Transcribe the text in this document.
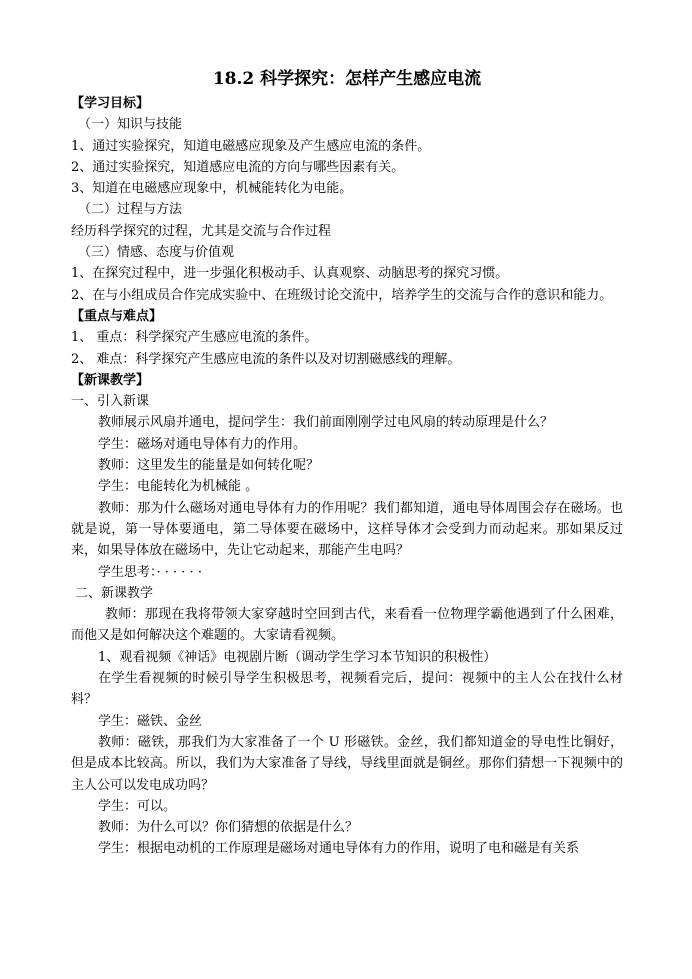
18.2 科学探究：怎样产生感应电流
【学习目标】
（一）知识与技能
1、通过实验探究，知道电磁感应现象及产生感应电流的条件。
2、通过实验探究，知道感应电流的方向与哪些因素有关。
3、知道在电磁感应现象中，机械能转化为电能。
（二）过程与方法
经历科学探究的过程，尤其是交流与合作过程
（三）情感、态度与价值观
1、在探究过程中，进一步强化积极动手、认真观察、动脑思考的探究习惯。
2、在与小组成员合作完成实验中、在班级讨论交流中，培养学生的交流与合作的意识和能力。
【重点与难点】
1、 重点：科学探究产生感应电流的条件。
2、 难点：科学探究产生感应电流的条件以及对切割磁感线的理解。
【新课教学】
一、引入新课
教师展示风扇并通电，提问学生：我们前面刚刚学过电风扇的转动原理是什么？
学生：磁场对通电导体有力的作用。
教师：这里发生的能量是如何转化呢？
学生：电能转化为机械能 。
教师：那为什么磁场对通电导体有力的作用呢？我们都知道，通电导体周围会存在磁场。也就是说，第一导体要通电，第二导体要在磁场中，这样导体才会受到力而动起来。那如果反过来，如果导体放在磁场中，先让它动起来，那能产生电吗？
学生思考：· · · · · ·
二、新课教学
教师：那现在我将带领大家穿越时空回到古代，来看看一位物理学霸他遇到了什么困难，而他又是如何解决这个难题的。大家请看视频。
1、观看视频《神话》电视剧片断（调动学生学习本节知识的积极性）
在学生看视频的时候引导学生积极思考，视频看完后，提问：视频中的主人公在找什么材料？
学生：磁铁、金丝
教师：磁铁，那我们为大家准备了一个 U 形磁铁。金丝，我们都知道金的导电性比铜好，但是成本比较高。所以，我们为大家准备了导线，导线里面就是铜丝。那你们猜想一下视频中的主人公可以发电成功吗？
学生：可以。
教师：为什么可以？你们猜想的依据是什么？
学生：根据电动机的工作原理是磁场对通电导体有力的作用，说明了电和磁是有关系
